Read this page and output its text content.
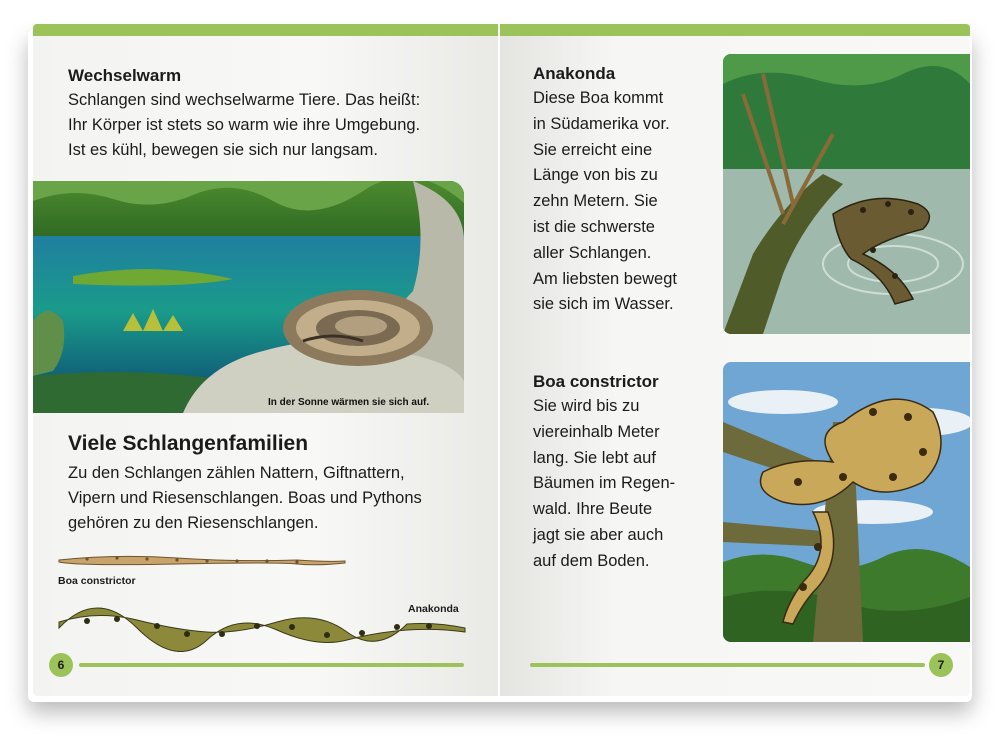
Wechselwarm
Schlangen sind wechselwarme Tiere. Das heißt:
Ihr Körper ist stets so warm wie ihre Umgebung.
Ist es kühl, bewegen sie sich nur langsam.
In der Sonne wärmen sie sich auf.
Viele Schlangenfamilien
Zu den Schlangen zählen Nattern, Giftnattern,
Vipern und Riesenschlangen. Boas und Pythons
gehören zu den Riesenschlangen.
Boa constrictor
Anakonda
6
Anakonda
Diese Boa kommt
in Südamerika vor.
Sie erreicht eine
Länge von bis zu
zehn Metern. Sie
ist die schwerste
aller Schlangen.
Am liebsten bewegt
sie sich im Wasser.
Boa constrictor
Sie wird bis zu
viereinhalb Meter
lang. Sie lebt auf
Bäumen im Regen-
wald. Ihre Beute
jagt sie aber auch
auf dem Boden.
7
